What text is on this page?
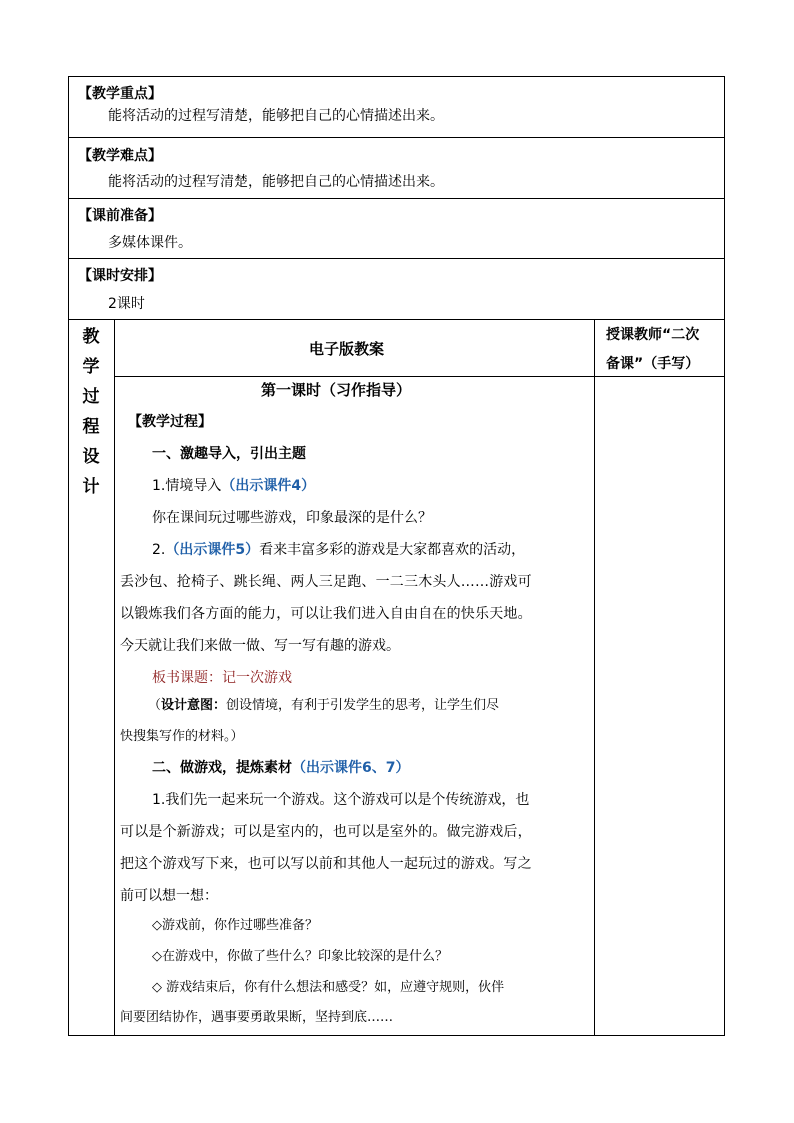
【教学重点】
能将活动的过程写清楚，能够把自己的心情描述出来。
【教学难点】
能将活动的过程写清楚，能够把自己的心情描述出来。
【课前准备】
多媒体课件。
【课时安排】
2课时
教
学
过
程
设
计
电子版教案
授课教师“二次
备课”（手写）
第一课时（习作指导）
【教学过程】
一、激趣导入，引出主题
1.情境导入（出示课件4）
你在课间玩过哪些游戏，印象最深的是什么？
2.（出示课件5）看来丰富多彩的游戏是大家都喜欢的活动，
丢沙包、抢椅子、跳长绳、两人三足跑、一二三木头人……游戏可
以锻炼我们各方面的能力，可以让我们进入自由自在的快乐天地。
今天就让我们来做一做、写一写有趣的游戏。
板书课题：记一次游戏
（设计意图：创设情境，有利于引发学生的思考，让学生们尽
快搜集写作的材料。）
二、做游戏，提炼素材（出示课件6、7）
1.我们先一起来玩一个游戏。这个游戏可以是个传统游戏，也
可以是个新游戏；可以是室内的，也可以是室外的。做完游戏后，
把这个游戏写下来，也可以写以前和其他人一起玩过的游戏。写之
前可以想一想：
◇游戏前，你作过哪些准备？
◇在游戏中，你做了些什么？印象比较深的是什么？
◇ 游戏结束后，你有什么想法和感受？如，应遵守规则，伙伴
间要团结协作，遇事要勇敢果断，坚持到底……
